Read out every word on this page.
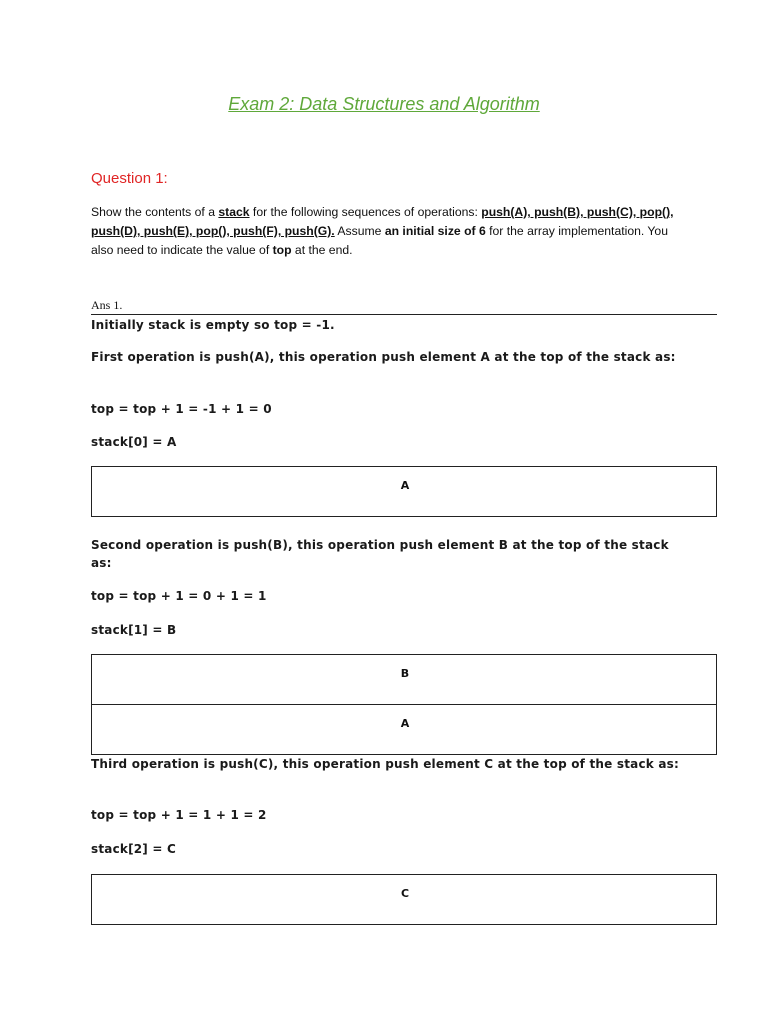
Exam 2: Data Structures and Algorithm
Question 1:
Show the contents of a stack for the following sequences of operations: push(A), push(B), push(C), pop(), push(D), push(E), pop(), push(F), push(G). Assume an initial size of 6 for the array implementation. You also need to indicate the value of top at the end.
Ans 1.
Initially stack is empty so top = -1.
First operation is push(A), this operation push element A at the top of the stack as:
top = top + 1 = -1 + 1 = 0
stack[0] = A
A
Second operation is push(B), this operation push element B at the top of the stack as:
top = top + 1 = 0 + 1 = 1
stack[1] = B
B
A
Third operation is push(C), this operation push element C at the top of the stack as:
top = top + 1 = 1 + 1 = 2
stack[2] = C
C
